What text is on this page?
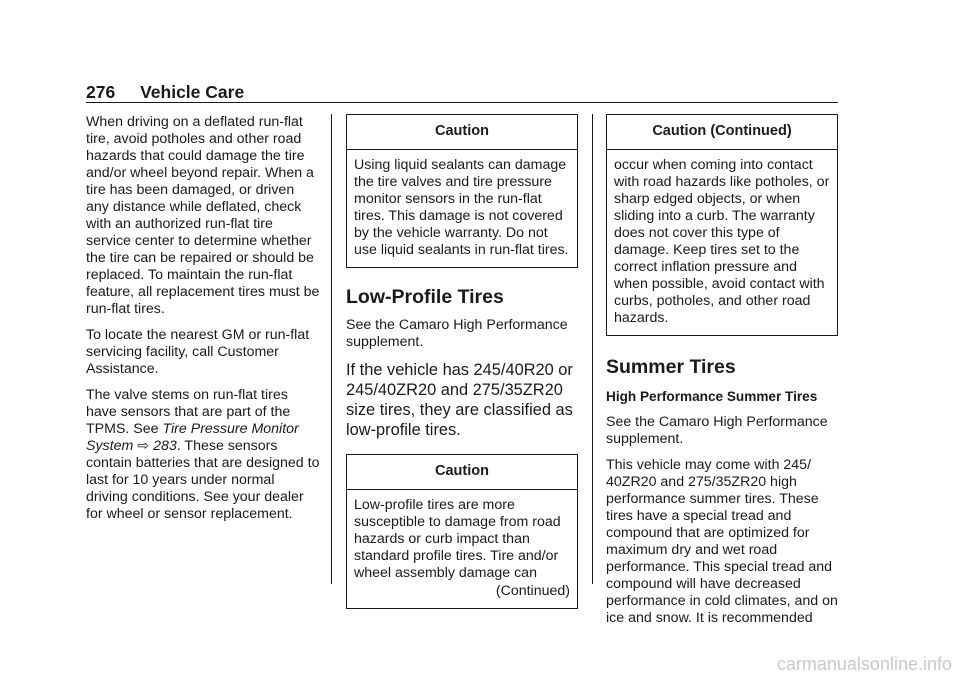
276 Vehicle Care

When driving on a deflated run-flat tire, avoid potholes and other road hazards that could damage the tire and/or wheel beyond repair. When a tire has been damaged, or driven any distance while deflated, check with an authorized run-flat tire service center to determine whether the tire can be repaired or should be replaced. To maintain the run-flat feature, all replacement tires must be run-flat tires.

To locate the nearest GM or run-flat servicing facility, call Customer Assistance.

The valve stems on run-flat tires have sensors that are part of the TPMS. See Tire Pressure Monitor System ⇨ 283. These sensors contain batteries that are designed to last for 10 years under normal driving conditions. See your dealer for wheel or sensor replacement.

Caution
Using liquid sealants can damage the tire valves and tire pressure monitor sensors in the run-flat tires. This damage is not covered by the vehicle warranty. Do not use liquid sealants in run-flat tires.
Low-Profile Tires

See the Camaro High Performance supplement.

If the vehicle has 245/40R20 or 245/40ZR20 and 275/35ZR20 size tires, they are classified as low-profile tires.
Caution
Low-profile tires are more susceptible to damage from road hazards or curb impact than standard profile tires. Tire and/or wheel assembly damage can
(Continued)
Caution (Continued)
occur when coming into contact with road hazards like potholes, or sharp edged objects, or when sliding into a curb. The warranty does not cover this type of damage. Keep tires set to the correct inflation pressure and when possible, avoid contact with curbs, potholes, and other road hazards.
Summer Tires

High Performance Summer Tires

See the Camaro High Performance supplement.

This vehicle may come with 245/ 40ZR20 and 275/35ZR20 high performance summer tires. These tires have a special tread and compound that are optimized for maximum dry and wet road performance. This special tread and compound will have decreased performance in cold climates, and on ice and snow. It is recommended

carmanualsonline.info
